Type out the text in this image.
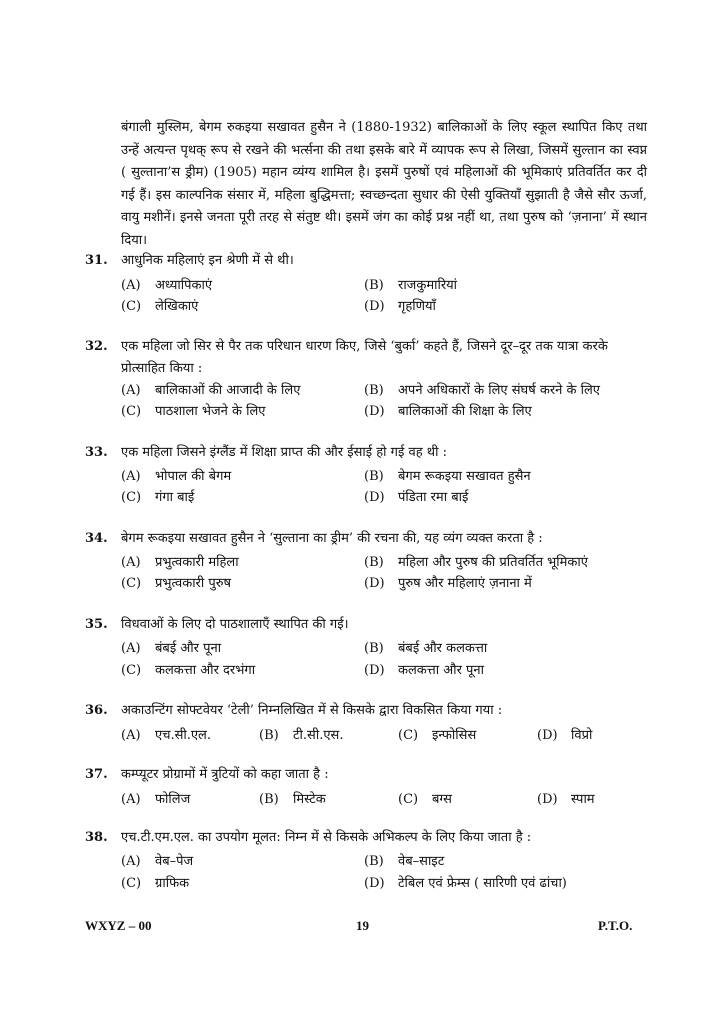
बंगाली मुस्लिम, बेगम रुकइया सखावत हुसैन ने (1880-1932) बालिकाओं के लिए स्कूल स्थापित किए तथा उन्हें अत्यन्त पृथक् रूप से रखने की भर्त्सना की तथा इसके बारे में व्यापक रूप से लिखा, जिसमें सुल्तान का स्वप्न ( सुल्ताना’स ड्रीम) (1905) महान व्यंग्य शामिल है। इसमें पुरुषों एवं महिलाओं की भूमिकाएं प्रतिवर्तित कर दी गई हैं। इस काल्पनिक संसार में, महिला बुद्धिमत्ता; स्वच्छन्दता सुधार की ऐसी युक्तियाँ सुझाती है जैसे सौर ऊर्जा, वायु मशीनें। इनसे जनता पूरी तरह से संतुष्ट थी। इसमें जंग का कोई प्रश्न नहीं था, तथा पुरुष को ‘ज़नाना’ में स्थान दिया।
31. आधुनिक महिलाएं इन श्रेणी में से थी।
(A) अध्यापिकाएं	(B) राजकुमारियां
(C) लेखिकाएं	(D) गृहणियाँ
32. एक महिला जो सिर से पैर तक परिधान धारण किए, जिसे ‘बुर्का’ कहते हैं, जिसने दूर–दूर तक यात्रा करके प्रोत्साहित किया :
(A) बालिकाओं की आजादी के लिए	(B) अपने अधिकारों के लिए संघर्ष करने के लिए
(C) पाठशाला भेजने के लिए	(D) बालिकाओं की शिक्षा के लिए
33. एक महिला जिसने इंग्लैंड में शिक्षा प्राप्त की और ईसाई हो गई वह थी :
(A) भोपाल की बेगम	(B) बेगम रूकइया सखावत हुसैन
(C) गंगा बाई	(D) पंडिता रमा बाई
34. बेगम रूकइया सखावत हुसैन ने ‘सुल्ताना का ड्रीम’ की रचना की, यह व्यंग व्यक्त करता है :
(A) प्रभुत्वकारी महिला	(B) महिला और पुरुष की प्रतिवर्तित भूमिकाएं
(C) प्रभुत्वकारी पुरुष	(D) पुरुष और महिलाएं ज़नाना में
35. विधवाओं के लिए दो पाठशालाएँ स्थापित की गई।
(A) बंबई और पूना	(B) बंबई और कलकत्ता
(C) कलकत्ता और दरभंगा	(D) कलकत्ता और पूना
36. अकाउन्टिंग सोफ्टवेयर ‘टेली’ निम्नलिखित में से किसके द्वारा विकसित किया गया :
(A) एच.सी.एल.	(B) टी.सी.एस.	(C) इन्फोसिस	(D) विप्रो
37. कम्प्यूटर प्रोग्रामों में त्रुटियों को कहा जाता है :
(A) फोलिज	(B) मिस्टेक	(C) बग्स	(D) स्पाम
38. एच.टी.एम.एल. का उपयोग मूलत: निम्न में से किसके अभिकल्प के लिए किया जाता है :
(A) वेब–पेज	(B) वेब–साइट
(C) ग्राफिक	(D) टेबिल एवं फ्रेम्स ( सारिणी एवं ढांचा)
WXYZ – 00	19	P.T.O.
